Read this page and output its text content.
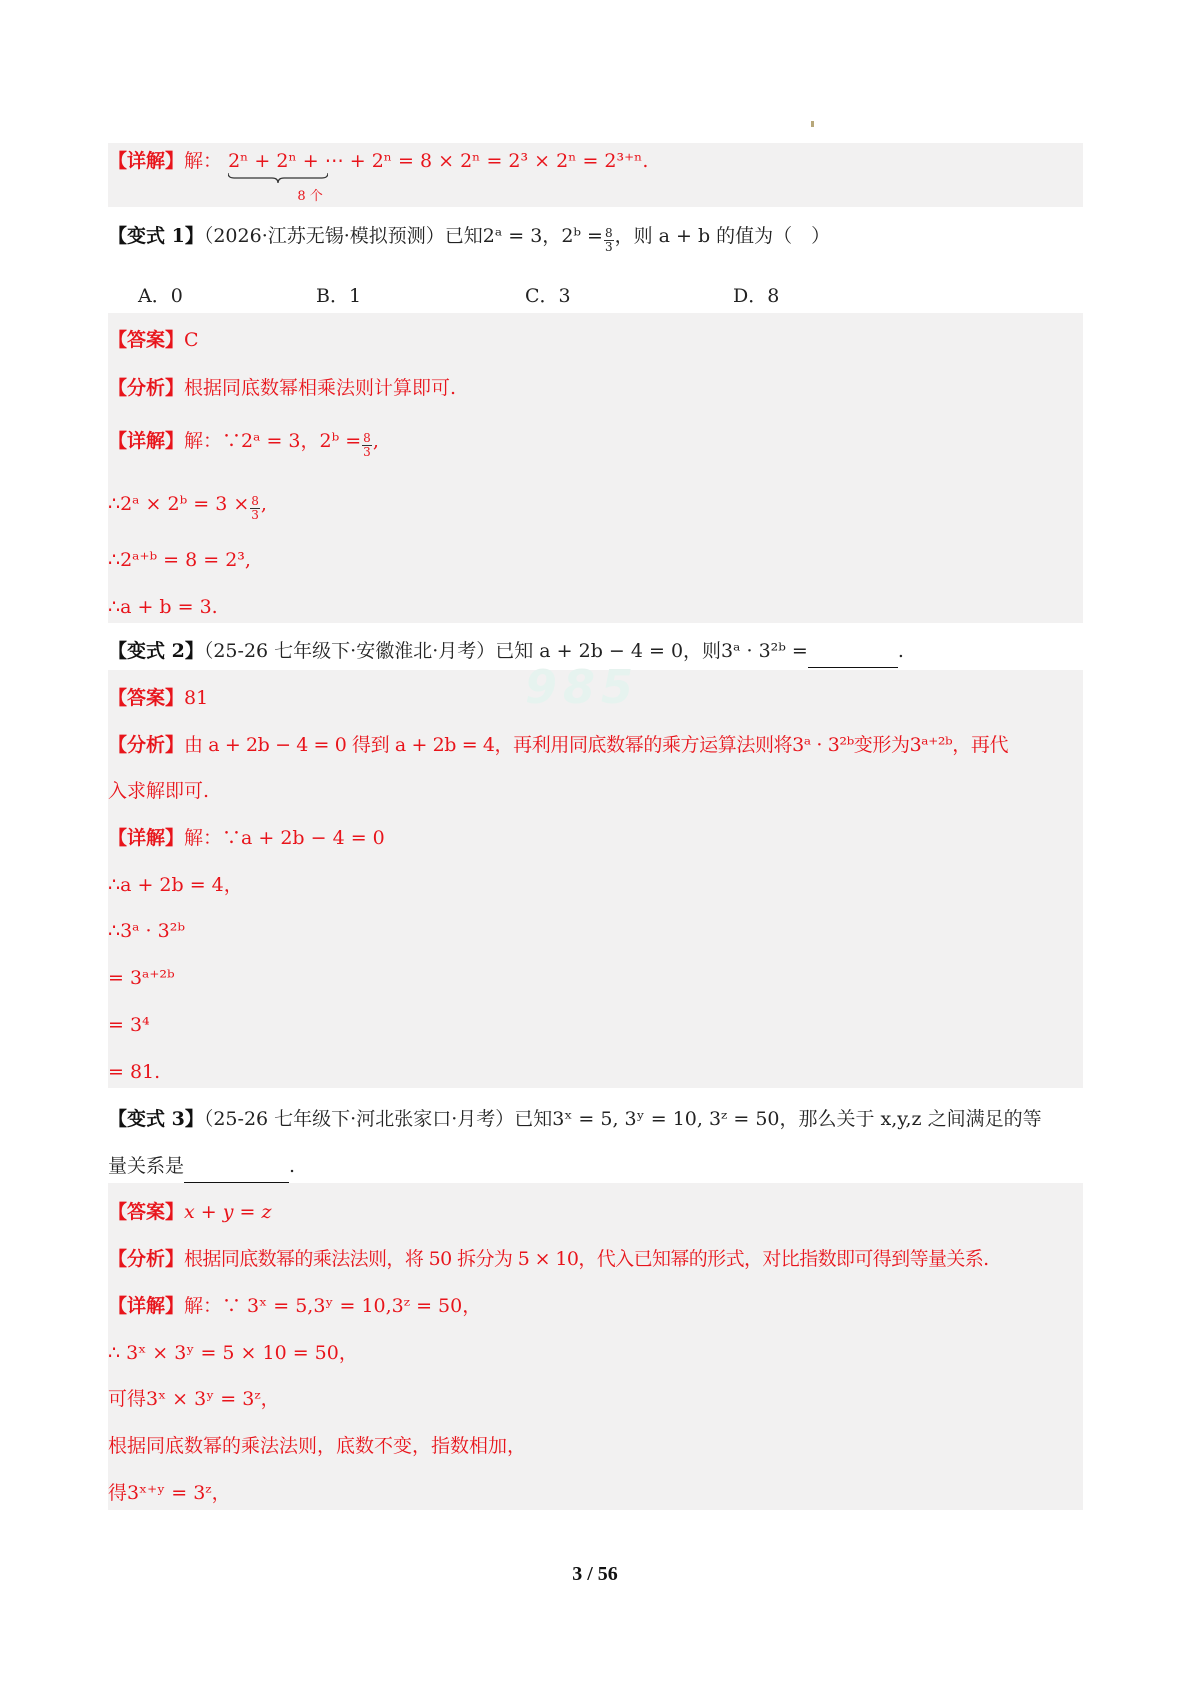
985
【详解】解： 2ⁿ + 2ⁿ + ⋯ + 2ⁿ
8 个
= 8 × 2ⁿ = 2³ × 2ⁿ = 2³⁺ⁿ.
【变式 1】（2026·江苏无锡·模拟预测）已知2ᵃ = 3，2ᵇ = $\frac{8}{3}$ ，则 a + b 的值为（　）
A．0	B．1	C．3	D．8
【答案】C
【分析】根据同底数幂相乘法则计算即可.
【详解】解：∵2ᵃ = 3，2ᵇ = $\frac{8}{3}$ ,
∴2ᵃ × 2ᵇ = $3 \times \frac{8}{3}$ ,
∴2ᵃ⁺ᵇ = 8 = 2³,
∴a + b = 3.
【变式 2】（25-26 七年级下·安徽淮北·月考）已知 a + 2b − 4 = 0，则3ᵃ · 3²ᵇ =	.
【答案】81
【分析】由 a + 2b − 4 = 0 得到 a + 2b = 4，再利用同底数幂的乘方运算法则将3ᵃ · 3²ᵇ变形为3ᵃ⁺²ᵇ，再代
入求解即可.
【详解】解：∵a + 2b − 4 = 0
∴a + 2b = 4，
∴3ᵃ · 3²ᵇ
= 3ᵃ⁺²ᵇ
= 3⁴
= 81.
【变式 3】（25-26 七年级下·河北张家口·月考）已知3ˣ = 5, 3ʸ = 10, 3ᶻ = 50，那么关于 x,y,z 之间满足的等
量关系是	.
【答案】x + y = z
【分析】根据同底数幂的乘法法则，将 50 拆分为 5 × 10，代入已知幂的形式，对比指数即可得到等量关系.
【详解】解：∵ 3ˣ = 5,3ʸ = 10,3ᶻ = 50，
∴ 3ˣ × 3ʸ = 5 × 10 = 50，
可得3ˣ × 3ʸ = 3ᶻ，
根据同底数幂的乘法法则，底数不变，指数相加，
得3ˣ⁺ʸ = 3ᶻ，
3 / 56
